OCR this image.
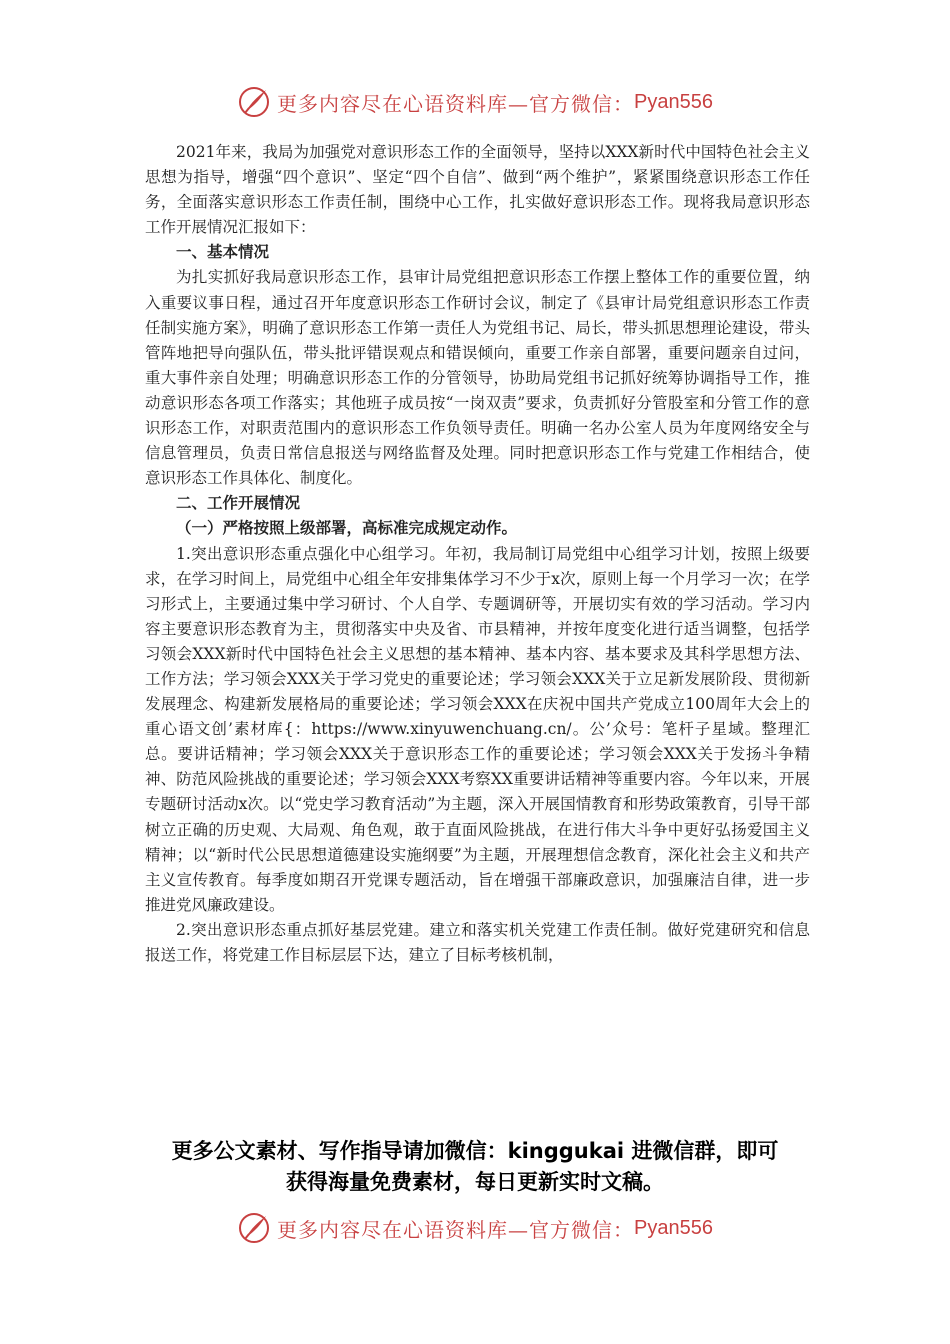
更多内容尽在心语资料库—官方微信： Pyan556

2021年来，我局为加强党对意识形态工作的全面领导，坚持以XXX新时代中国特色社会主义思想为指导，增强“四个意识”、坚定“四个自信”、做到“两个维护”，紧紧围绕意识形态工作任务，全面落实意识形态工作责任制，围绕中心工作，扎实做好意识形态工作。现将我局意识形态工作开展情况汇报如下：

一、基本情况

为扎实抓好我局意识形态工作，县审计局党组把意识形态工作摆上整体工作的重要位置，纳入重要议事日程，通过召开年度意识形态工作研讨会议，制定了《县审计局党组意识形态工作责任制实施方案》，明确了意识形态工作第一责任人为党组书记、局长，带头抓思想理论建设，带头管阵地把导向强队伍，带头批评错误观点和错误倾向，重要工作亲自部署，重要问题亲自过问，重大事件亲自处理；明确意识形态工作的分管领导，协助局党组书记抓好统筹协调指导工作，推动意识形态各项工作落实；其他班子成员按“一岗双责”要求，负责抓好分管股室和分管工作的意识形态工作，对职责范围内的意识形态工作负领导责任。明确一名办公室人员为年度网络安全与信息管理员，负责日常信息报送与网络监督及处理。同时把意识形态工作与党建工作相结合，使意识形态工作具体化、制度化。

二、工作开展情况

（一）严格按照上级部署，高标准完成规定动作。

1.突出意识形态重点强化中心组学习。年初，我局制订局党组中心组学习计划，按照上级要求，在学习时间上，局党组中心组全年安排集体学习不少于x次，原则上每一个月学习一次；在学习形式上，主要通过集中学习研讨、个人自学、专题调研等，开展切实有效的学习活动。学习内容主要意识形态教育为主，贯彻落实中央及省、市县精神，并按年度变化进行适当调整，包括学习领会XXX新时代中国特色社会主义思想的基本精神、基本内容、基本要求及其科学思想方法、工作方法；学习领会XXX关于学习党史的重要论述；学习领会XXX关于立足新发展阶段、贯彻新发展理念、构建新发展格局的重要论述；学习领会XXX在庆祝中国共产党成立100周年大会上的重心语文创’素材库{：https://www.xinyuwenchuang.cn/。公’众号：笔杆子星域。整理汇总。要讲话精神；学习领会XXX关于意识形态工作的重要论述；学习领会XXX关于发扬斗争精神、防范风险挑战的重要论述；学习领会XXX考察XX重要讲话精神等重要内容。今年以来，开展专题研讨活动x次。以“党史学习教育活动”为主题，深入开展国情教育和形势政策教育，引导干部树立正确的历史观、大局观、角色观，敢于直面风险挑战，在进行伟大斗争中更好弘扬爱国主义精神；以“新时代公民思想道德建设实施纲要”为主题，开展理想信念教育，深化社会主义和共产主义宣传教育。每季度如期召开党课专题活动，旨在增强干部廉政意识，加强廉洁自律，进一步推进党风廉政建设。

2.突出意识形态重点抓好基层党建。建立和落实机关党建工作责任制。做好党建研究和信息报送工作，将党建工作目标层层下达，建立了目标考核机制，

更多公文素材、写作指导请加微信：kinggukai 进微信群，即可
获得海量免费素材，每日更新实时文稿。
更多内容尽在心语资料库—官方微信： Pyan556
